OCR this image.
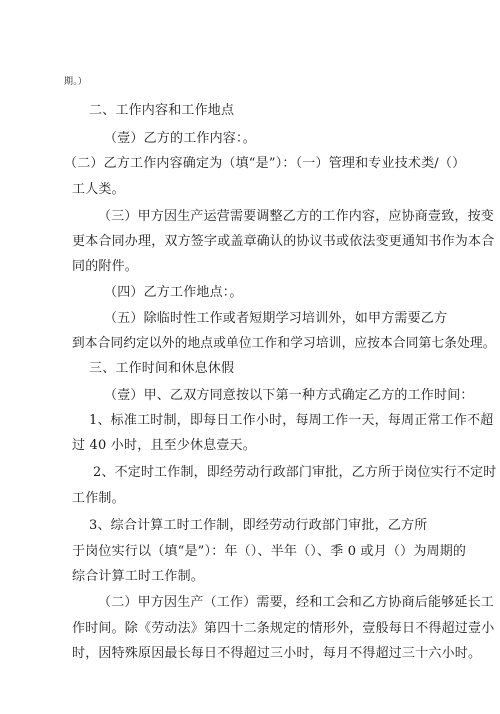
期。）
二、工作内容和工作地点
（壹）乙方的工作内容：。
（二）乙方工作内容确定为（填“是”）：（一）管理和专业技术类/（）
工人类。
（三）甲方因生产运营需要调整乙方的工作内容，应协商壹致，按变
更本合同办理，双方签字或盖章确认的协议书或依法变更通知书作为本合
同的附件。
（四）乙方工作地点：。
（五）除临时性工作或者短期学习培训外，如甲方需要乙方
到本合同约定以外的地点或单位工作和学习培训，应按本合同第七条处理。
三、工作时间和休息休假
（壹）甲、乙双方同意按以下第一种方式确定乙方的工作时间：
1、标准工时制，即每日工作小时，每周工作一天，每周正常工作不超
过 40 小时，且至少休息壹天。
2、不定时工作制，即经劳动行政部门审批，乙方所于岗位实行不定时
工作制。
3、综合计算工时工作制，即经劳动行政部门审批，乙方所
于岗位实行以（填“是”）：年（）、半年（）、季 0 或月（）为周期的
综合计算工时工作制。
（二）甲方因生产（工作）需要，经和工会和乙方协商后能够延长工
作时间。除《劳动法》第四十二条规定的情形外，壹般每日不得超过壹小
时，因特殊原因最长每日不得超过三小时，每月不得超过三十六小时。
